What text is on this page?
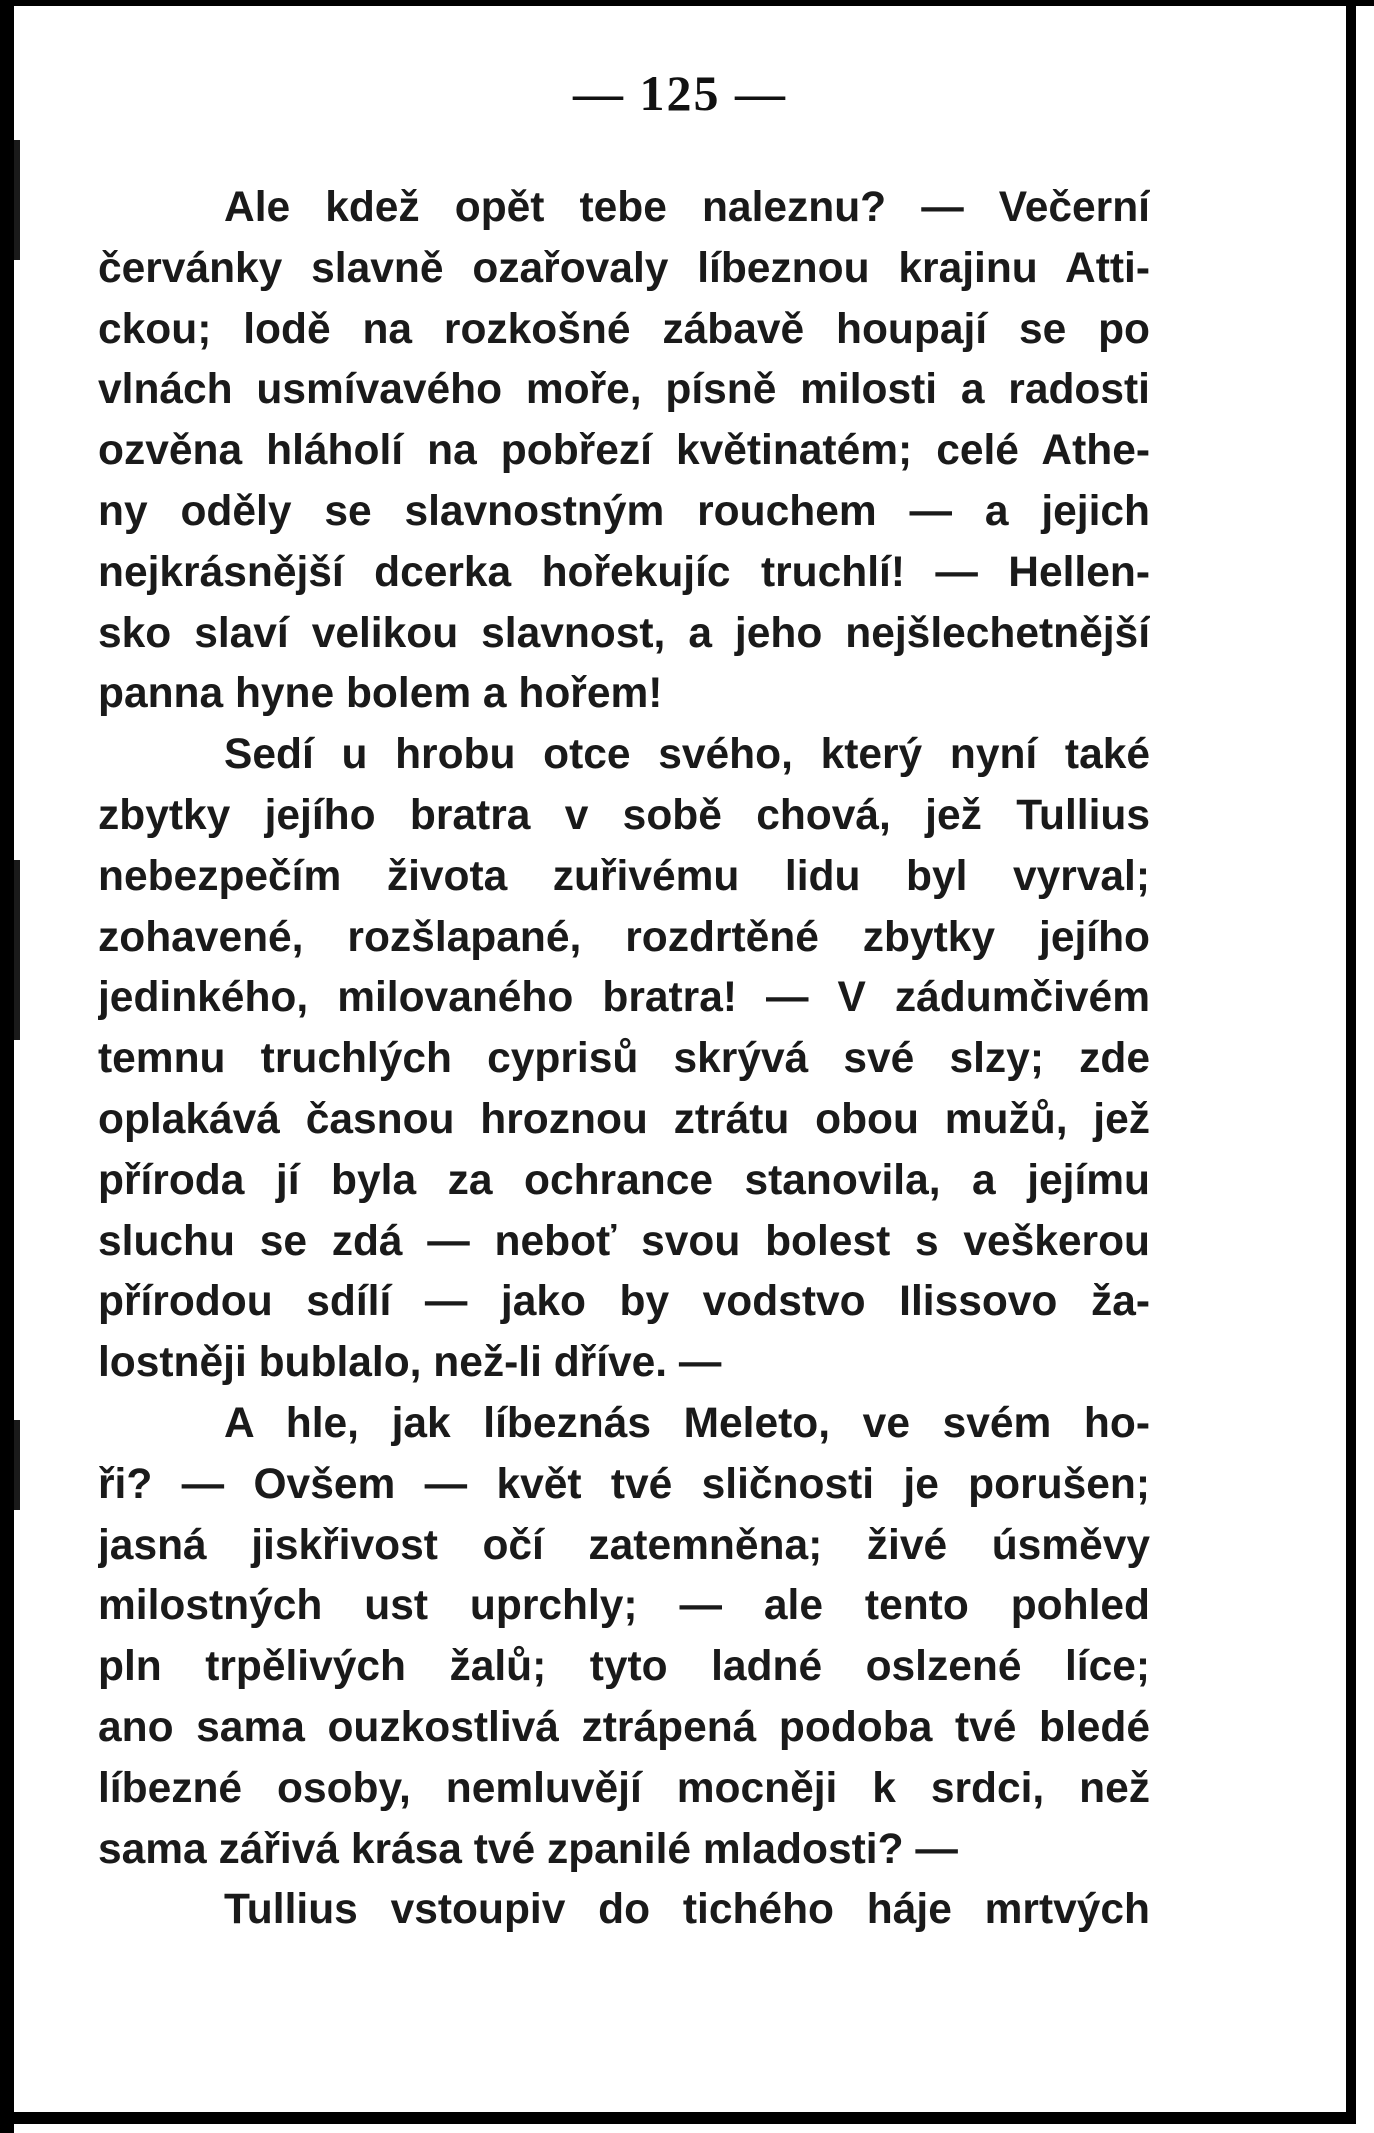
— 125 —
Ale kdež opět tebe naleznu? — Večerní
červánky slavně ozařovaly líbeznou krajinu Atti-
ckou; lodě na rozkošné zábavě houpají se po
vlnách usmívavého moře, písně milosti a radosti
ozvěna hláholí na pobřezí květinatém; celé Athe-
ny oděly se slavnostným rouchem — a jejich
nejkrásnější dcerka hořekujíc truchlí! — Hellen-
sko slaví velikou slavnost, a jeho nejšlechetnější
panna hyne bolem a hořem!
Sedí u hrobu otce svého, který nyní také
zbytky jejího bratra v sobě chová, jež Tullius
nebezpečím života zuřivému lidu byl vyrval;
zohavené, rozšlapané, rozdrtěné zbytky jejího
jedinkého, milovaného bratra! — V zádumčivém
temnu truchlých cyprisů skrývá své slzy; zde
oplakává časnou hroznou ztrátu obou mužů, jež
příroda jí byla za ochrance stanovila, a jejímu
sluchu se zdá — neboť svou bolest s veškerou
přírodou sdílí — jako by vodstvo Ilissovo ža-
lostněji bublalo, než-li dříve. —
A hle, jak líbeznás Meleto, ve svém ho-
ři? — Ovšem — květ tvé sličnosti je porušen;
jasná jiskřivost očí zatemněna; živé úsměvy
milostných ust uprchly; — ale tento pohled
pln trpělivých žalů; tyto ladné oslzené líce;
ano sama ouzkostlivá ztrápená podoba tvé bledé
líbezné osoby, nemluvějí mocněji k srdci, než
sama zářivá krása tvé zpanilé mladosti? —
Tullius vstoupiv do tichého háje mrtvých
